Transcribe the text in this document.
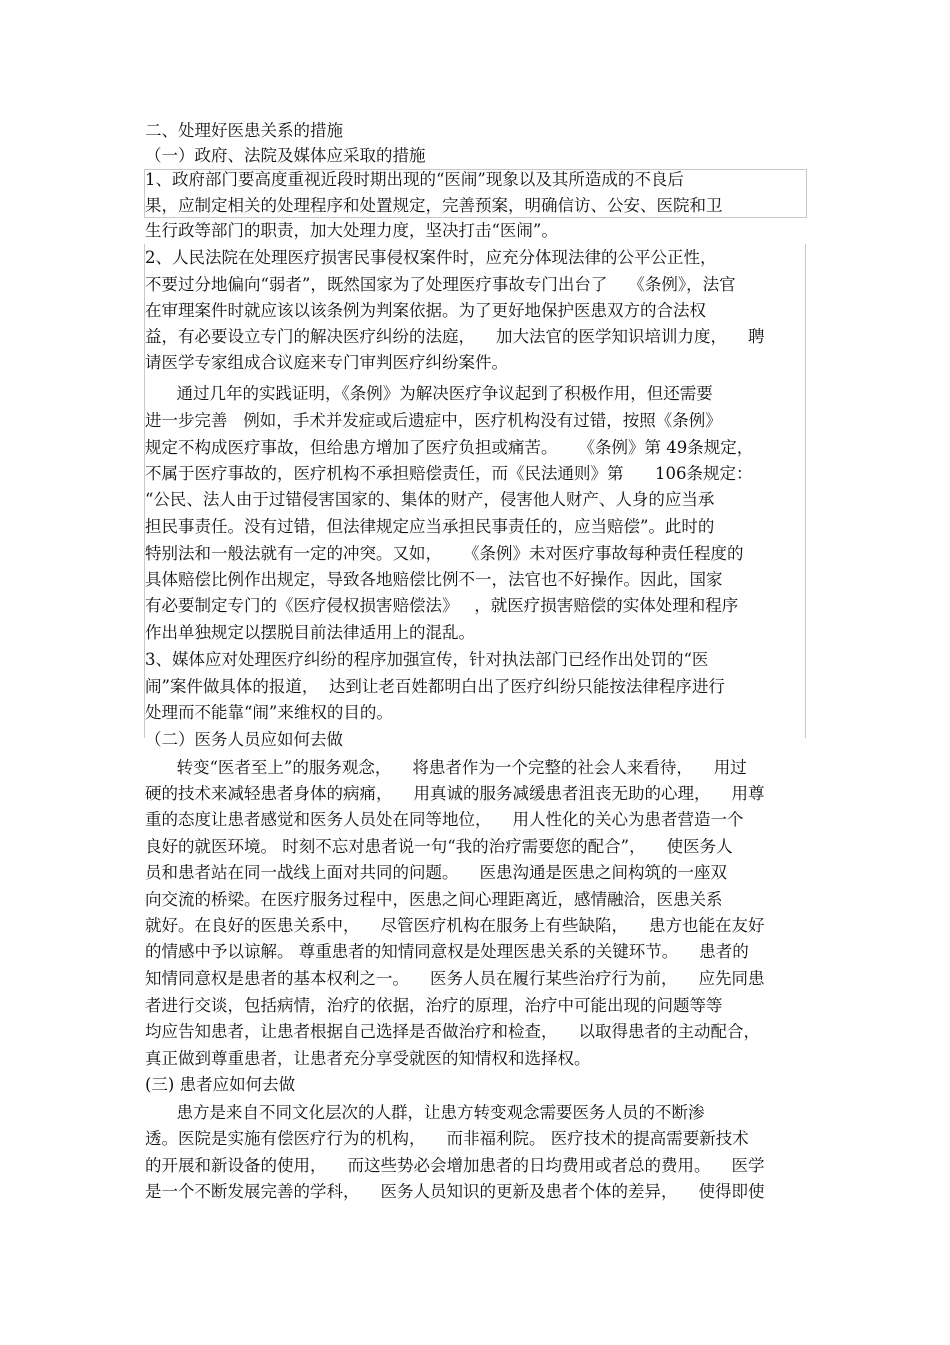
二、处理好医患关系的措施
（一）政府、法院及媒体应采取的措施
1、政府部门要高度重视近段时期出现的“医闹”现象以及其所造成的不良后
果，应制定相关的处理程序和处置规定，完善预案，明确信访、公安、医院和卫
生行政等部门的职责，加大处理力度，坚决打击“医闹”。
2、人民法院在处理医疗损害民事侵权案件时，应充分体现法律的公平公正性，
不要过分地偏向“弱者”，既然国家为了处理医疗事故专门出台了    《条例》，法官
在审理案件时就应该以该条例为判案依据。为了更好地保护医患双方的合法权
益，有必要设立专门的解决医疗纠纷的法庭，    加大法官的医学知识培训力度，    聘
请医学专家组成合议庭来专门审判医疗纠纷案件。
通过几年的实践证明，《条例》为解决医疗争议起到了积极作用，但还需要
进一步完善   例如，手术并发症或后遗症中，医疗机构没有过错，按照《条例》
规定不构成医疗事故，但给患方增加了医疗负担或痛苦。    《条例》第 49条规定，
不属于医疗事故的，医疗机构不承担赔偿责任，而《民法通则》第      106条规定：
“公民、法人由于过错侵害国家的、集体的财产，侵害他人财产、人身的应当承
担民事责任。没有过错，但法律规定应当承担民事责任的，应当赔偿”。此时的
特别法和一般法就有一定的冲突。又如，    《条例》未对医疗事故每种责任程度的
具体赔偿比例作出规定，导致各地赔偿比例不一，法官也不好操作。因此，国家
有必要制定专门的《医疗侵权损害赔偿法》   ，就医疗损害赔偿的实体处理和程序
作出单独规定以摆脱目前法律适用上的混乱。
3、媒体应对处理医疗纠纷的程序加强宣传，针对执法部门已经作出处罚的“医
闹”案件做具体的报道，  达到让老百姓都明白出了医疗纠纷只能按法律程序进行
处理而不能靠“闹”来维权的目的。
（二）医务人员应如何去做
转变“医者至上”的服务观念，    将患者作为一个完整的社会人来看待，    用过
硬的技术来减轻患者身体的病痛，    用真诚的服务减缓患者沮丧无助的心理，    用尊
重的态度让患者感觉和医务人员处在同等地位，    用人性化的关心为患者营造一个
良好的就医环境。 时刻不忘对患者说一句“我的治疗需要您的配合”，    使医务人
员和患者站在同一战线上面对共同的问题。    医患沟通是医患之间构筑的一座双
向交流的桥梁。在医疗服务过程中，医患之间心理距离近，感情融洽，医患关系
就好。在良好的医患关系中，    尽管医疗机构在服务上有些缺陷，    患方也能在友好
的情感中予以谅解。 尊重患者的知情同意权是处理医患关系的关键环节。    患者的
知情同意权是患者的基本权利之一。    医务人员在履行某些治疗行为前，    应先同患
者进行交谈，包括病情，治疗的依据，治疗的原理，治疗中可能出现的问题等等
均应告知患者，让患者根据自己选择是否做治疗和检查，    以取得患者的主动配合，
真正做到尊重患者，让患者充分享受就医的知情权和选择权。
(三) 患者应如何去做
患方是来自不同文化层次的人群，让患方转变观念需要医务人员的不断渗
透。医院是实施有偿医疗行为的机构，    而非福利院。 医疗技术的提高需要新技术
的开展和新设备的使用，    而这些势必会增加患者的日均费用或者总的费用。    医学
是一个不断发展完善的学科，    医务人员知识的更新及患者个体的差异，    使得即使
